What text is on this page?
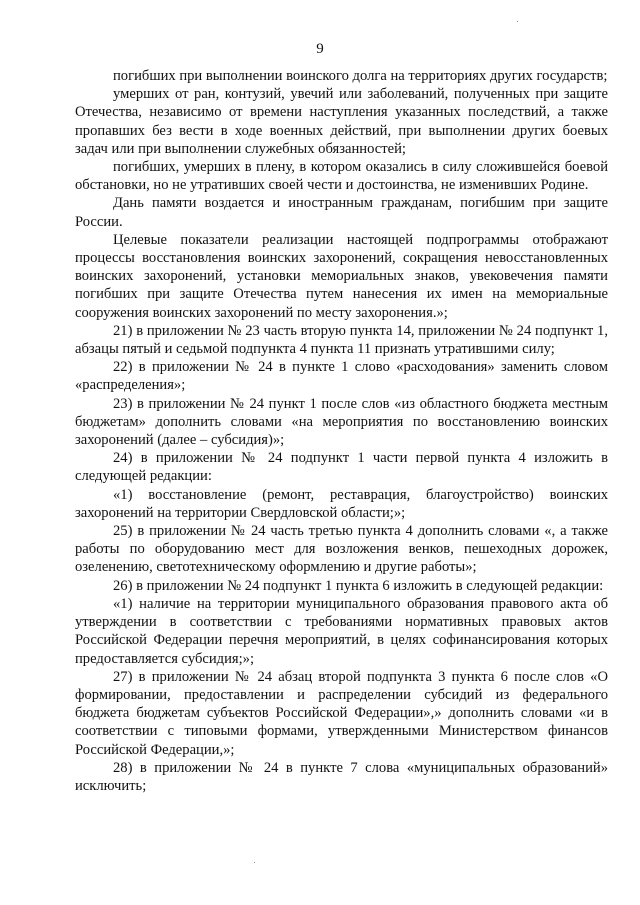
9

погибших при выполнении воинского долга на территориях других государств;

умерших от ран, контузий, увечий или заболеваний, полученных при защите Отечества, независимо от времени наступления указанных последствий, а также пропавших без вести в ходе военных действий, при выполнении других боевых задач или при выполнении служебных обязанностей;

погибших, умерших в плену, в котором оказались в силу сложившейся боевой обстановки, но не утративших своей чести и достоинства, не изменивших Родине.

Дань памяти воздается и иностранным гражданам, погибшим при защите России.

Целевые показатели реализации настоящей подпрограммы отображают процессы восстановления воинских захоронений, сокращения невосстановленных воинских захоронений, установки мемориальных знаков, увековечения памяти погибших при защите Отечества путем нанесения их имен на мемориальные сооружения воинских захоронений по месту захоронения.»;

21) в приложении № 23 часть вторую пункта 14, приложении № 24 подпункт 1, абзацы пятый и седьмой подпункта 4 пункта 11 признать утратившими силу;

22) в приложении № 24 в пункте 1 слово «расходования» заменить словом «распределения»;

23) в приложении № 24 пункт 1 после слов «из областного бюджета местным бюджетам» дополнить словами «на мероприятия по восстановлению воинских захоронений (далее – субсидия)»;

24) в приложении № 24 подпункт 1 части первой пункта 4 изложить в следующей редакции:

«1) восстановление (ремонт, реставрация, благоустройство) воинских захоронений на территории Свердловской области;»;

25) в приложении № 24 часть третью пункта 4 дополнить словами «, а также работы по оборудованию мест для возложения венков, пешеходных дорожек, озеленению, светотехническому оформлению и другие работы»;

26) в приложении № 24 подпункт 1 пункта 6 изложить в следующей редакции:

«1) наличие на территории муниципального образования правового акта об утверждении в соответствии с требованиями нормативных правовых актов Российской Федерации перечня мероприятий, в целях софинансирования которых предоставляется субсидия;»;

27) в приложении № 24 абзац второй подпункта 3 пункта 6 после слов «О формировании, предоставлении и распределении субсидий из федерального бюджета бюджетам субъектов Российской Федерации»,» дополнить словами «и в соответствии с типовыми формами, утвержденными Министерством финансов Российской Федерации,»;

28) в приложении № 24 в пункте 7 слова «муниципальных образований» исключить;
